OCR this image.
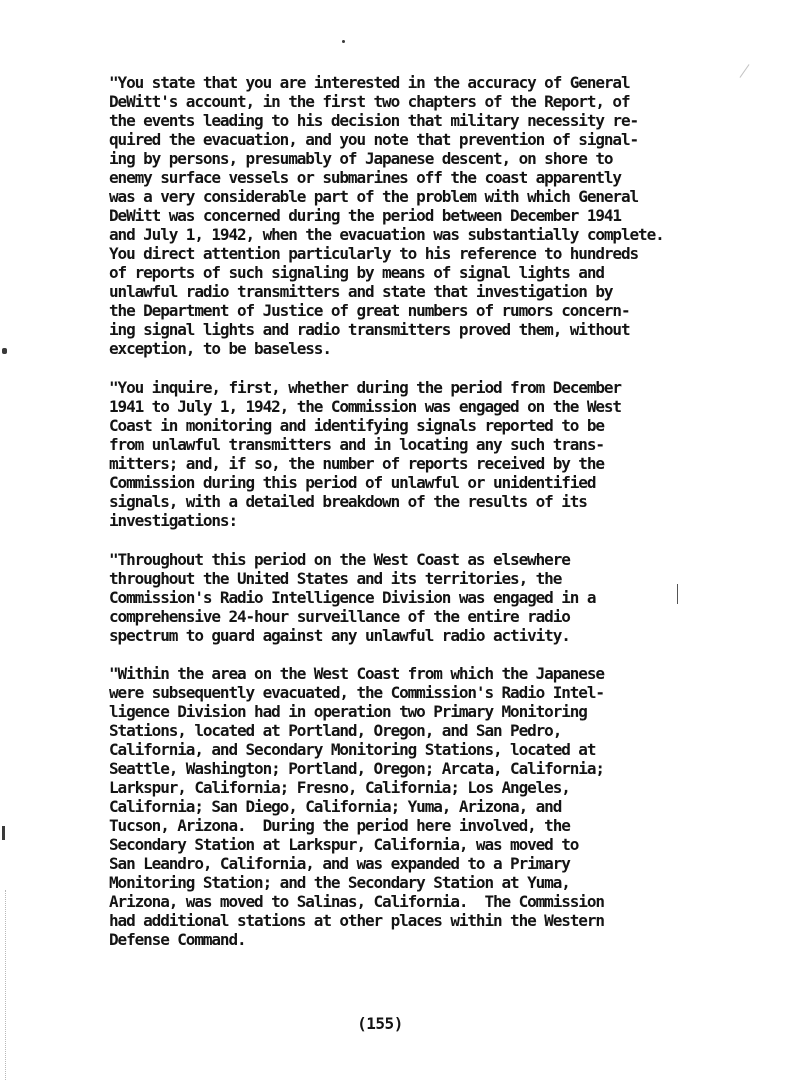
"You state that you are interested in the accuracy of General
DeWitt's account, in the first two chapters of the Report, of
the events leading to his decision that military necessity re-
quired the evacuation, and you note that prevention of signal-
ing by persons, presumably of Japanese descent, on shore to
enemy surface vessels or submarines off the coast apparently
was a very considerable part of the problem with which General
DeWitt was concerned during the period between December 1941
and July 1, 1942, when the evacuation was substantially complete.
You direct attention particularly to his reference to hundreds
of reports of such signaling by means of signal lights and
unlawful radio transmitters and state that investigation by
the Department of Justice of great numbers of rumors concern-
ing signal lights and radio transmitters proved them, without
exception, to be baseless.

"You inquire, first, whether during the period from December
1941 to July 1, 1942, the Commission was engaged on the West
Coast in monitoring and identifying signals reported to be
from unlawful transmitters and in locating any such trans-
mitters; and, if so, the number of reports received by the
Commission during this period of unlawful or unidentified
signals, with a detailed breakdown of the results of its
investigations:

"Throughout this period on the West Coast as elsewhere
throughout the United States and its territories, the
Commission's Radio Intelligence Division was engaged in a
comprehensive 24-hour surveillance of the entire radio
spectrum to guard against any unlawful radio activity.

"Within the area on the West Coast from which the Japanese
were subsequently evacuated, the Commission's Radio Intel-
ligence Division had in operation two Primary Monitoring
Stations, located at Portland, Oregon, and San Pedro,
California, and Secondary Monitoring Stations, located at
Seattle, Washington; Portland, Oregon; Arcata, California;
Larkspur, California; Fresno, California; Los Angeles,
California; San Diego, California; Yuma, Arizona, and
Tucson, Arizona.  During the period here involved, the
Secondary Station at Larkspur, California, was moved to
San Leandro, California, and was expanded to a Primary
Monitoring Station; and the Secondary Station at Yuma,
Arizona, was moved to Salinas, California.  The Commission
had additional stations at other places within the Western
Defense Command.

(155)
